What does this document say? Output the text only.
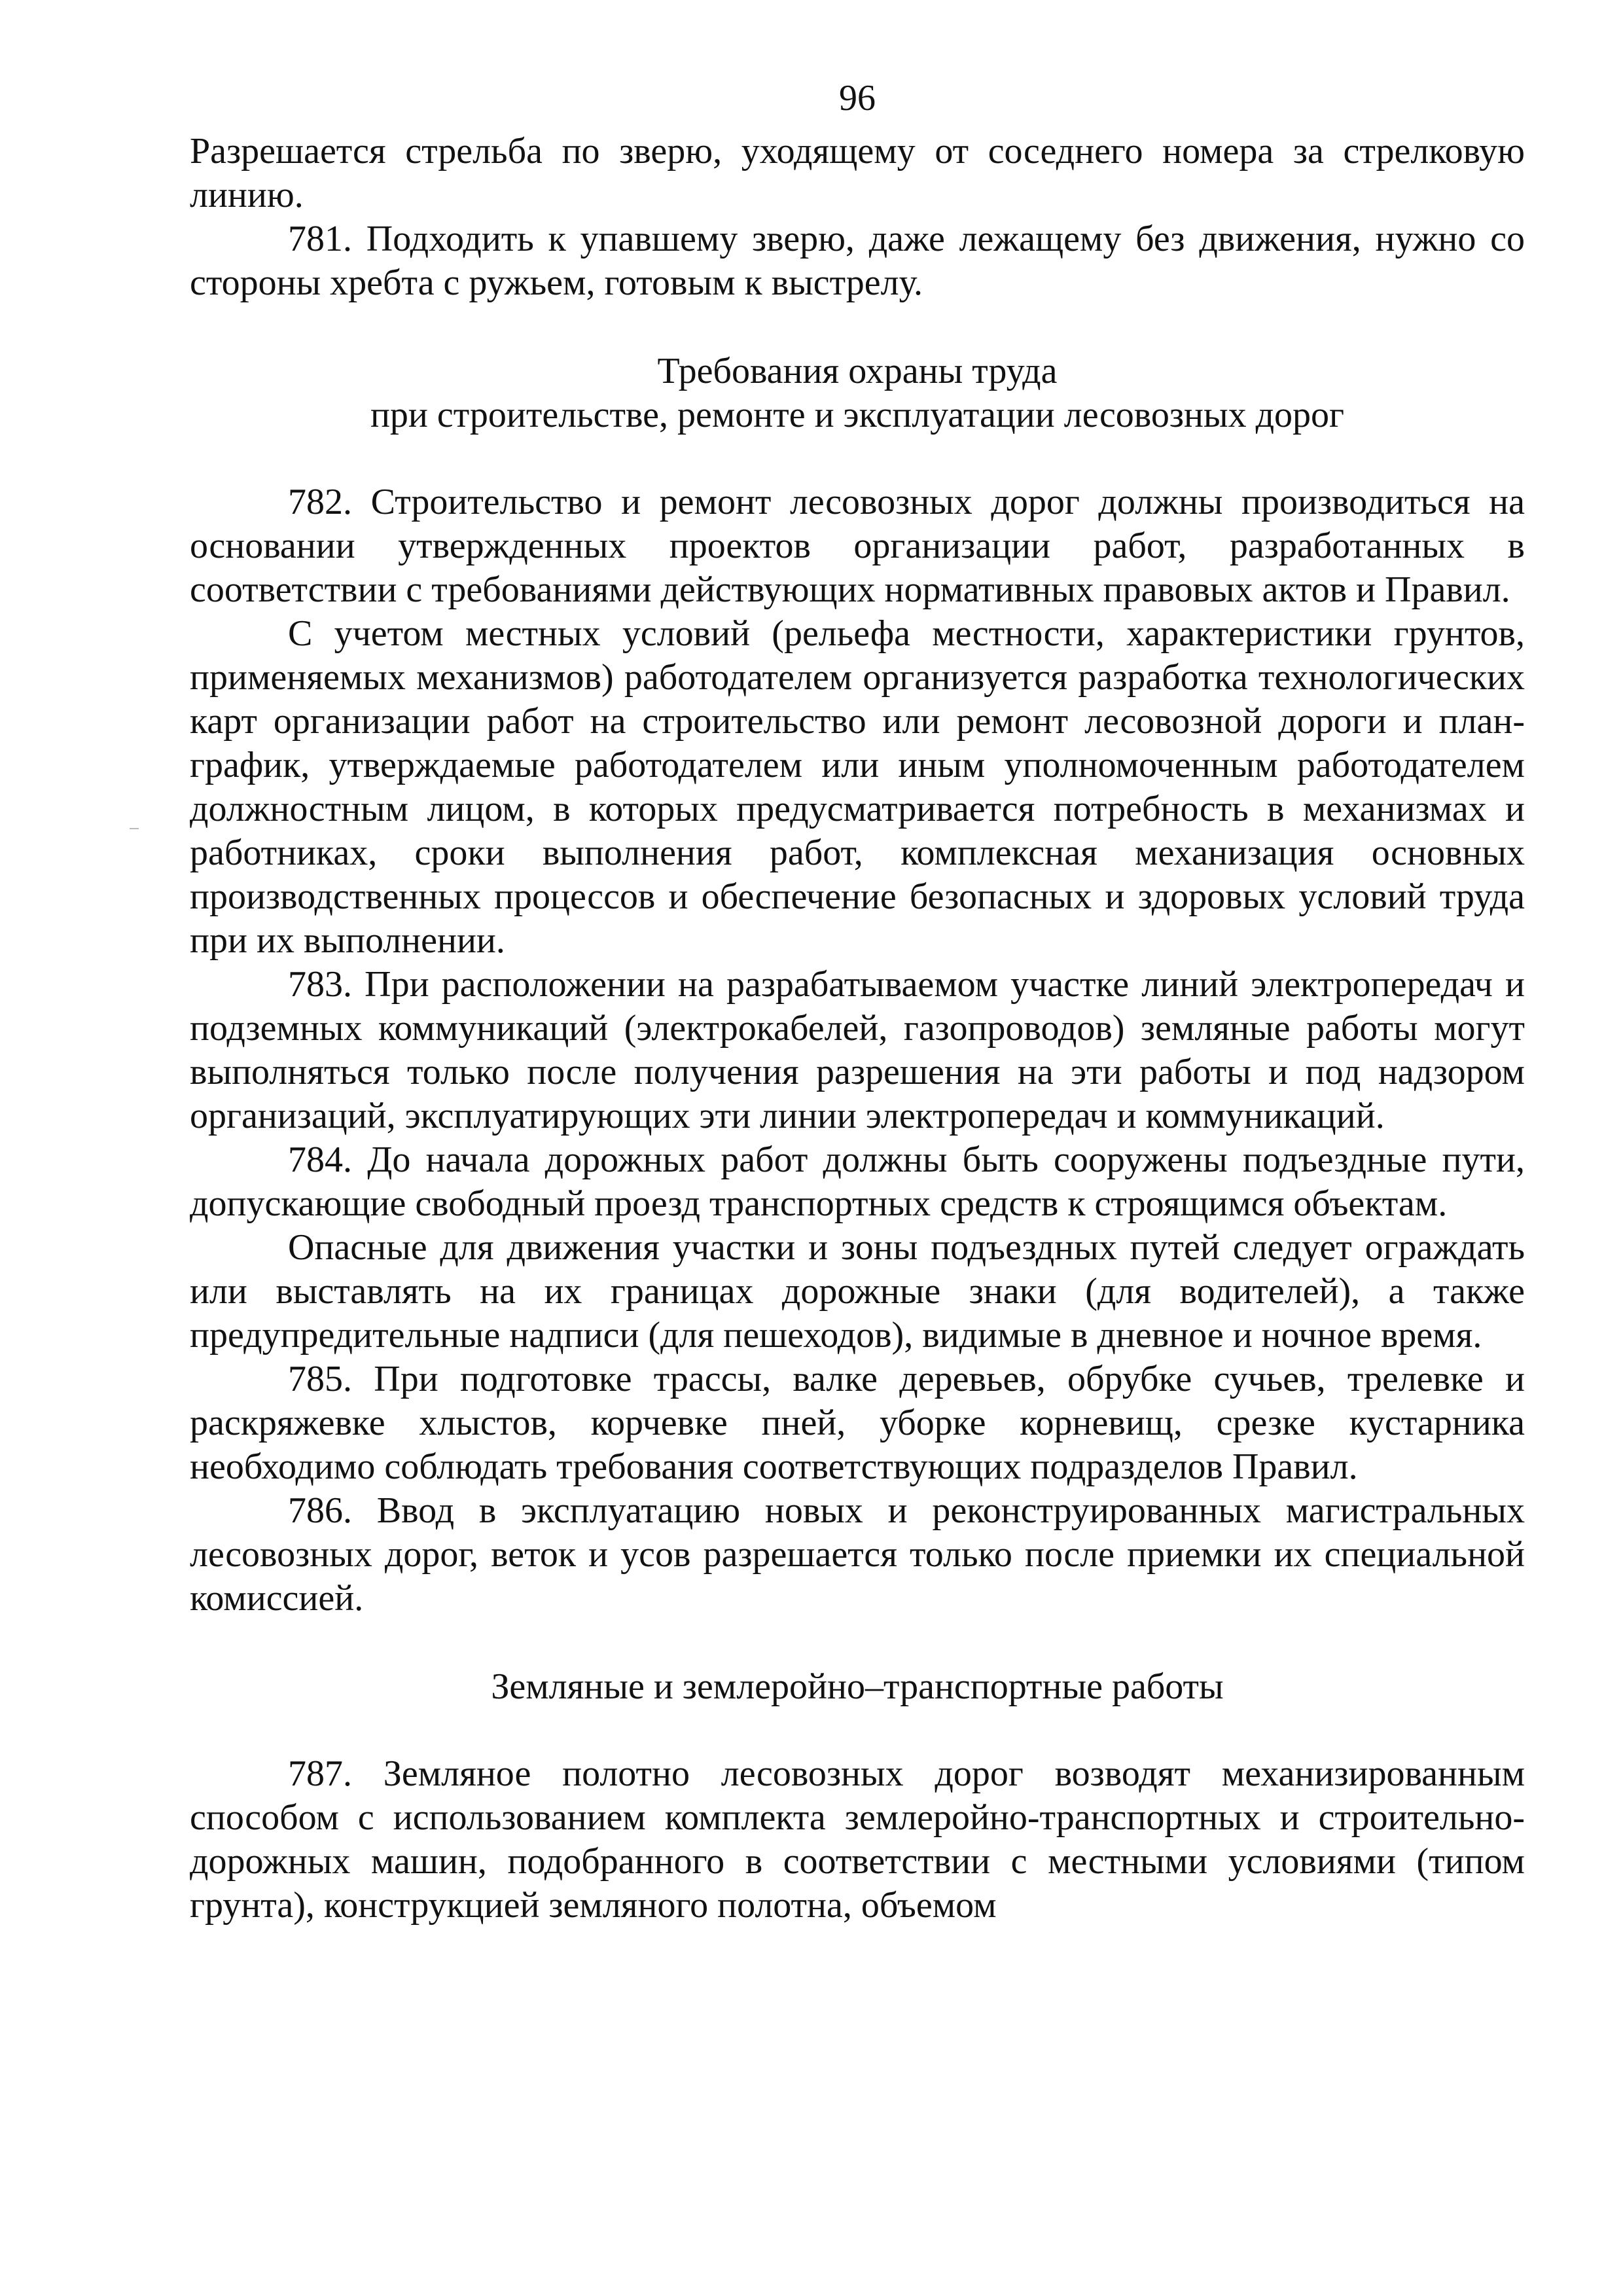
96

Разрешается стрельба по зверю, уходящему от соседнего номера за стрелковую линию.

781. Подходить к упавшему зверю, даже лежащему без движения, нужно со стороны хребта с ружьем, готовым к выстрелу.

Требования охраны труда
при строительстве, ремонте и эксплуатации лесовозных дорог

782. Строительство и ремонт лесовозных дорог должны производиться на основании утвержденных проектов организации работ, разработанных в соответствии с требованиями действующих нормативных правовых актов и Правил.

С учетом местных условий (рельефа местности, характеристики грунтов, применяемых механизмов) работодателем организуется разработка технологических карт организации работ на строительство или ремонт лесовозной дороги и план-график, утверждаемые работодателем или иным уполномоченным работодателем должностным лицом, в которых предусматривается потребность в механизмах и работниках, сроки выполнения работ, комплексная механизация основных производственных процессов и обеспечение безопасных и здоровых условий труда при их выполнении.

783. При расположении на разрабатываемом участке линий электропередач и подземных коммуникаций (электрокабелей, газопроводов) земляные работы могут выполняться только после получения разрешения на эти работы и под надзором организаций, эксплуатирующих эти линии электропередач и коммуникаций.

784. До начала дорожных работ должны быть сооружены подъездные пути, допускающие свободный проезд транспортных средств к строящимся объектам.

Опасные для движения участки и зоны подъездных путей следует ограждать или выставлять на их границах дорожные знаки (для водителей), а также предупредительные надписи (для пешеходов), видимые в дневное и ночное время.

785. При подготовке трассы, валке деревьев, обрубке сучьев, трелевке и раскряжевке хлыстов, корчевке пней, уборке корневищ, срезке кустарника необходимо соблюдать требования соответствующих подразделов Правил.

786. Ввод в эксплуатацию новых и реконструированных магистральных лесовозных дорог, веток и усов разрешается только после приемки их специальной комиссией.

Земляные и землеройно–транспортные работы

787. Земляное полотно лесовозных дорог возводят механизированным способом с использованием комплекта землеройно-транспортных и строительно-дорожных машин, подобранного в соответствии с местными условиями (типом грунта), конструкцией земляного полотна, объемом
